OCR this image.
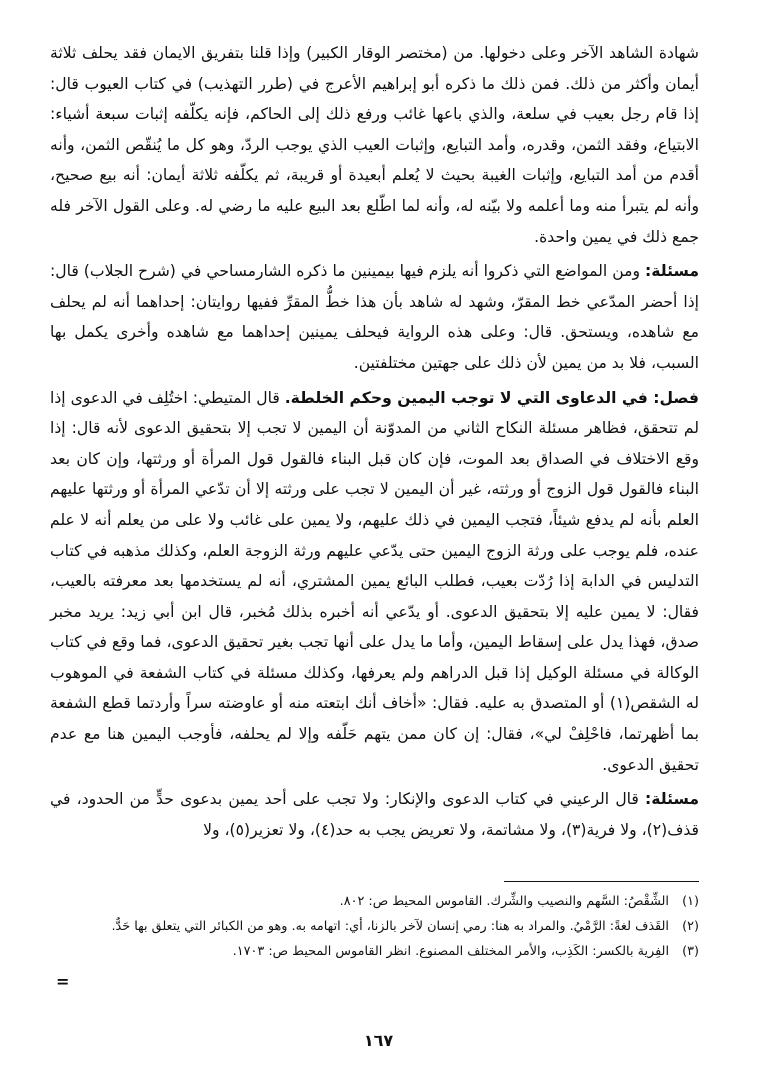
شهادة الشاهد الآخر وعلى دخولها. من (مختصر الوقار الكبير) وإذا قلنا بتفريق الايمان فقد يحلف ثلاثة أيمان وأكثر من ذلك. فمن ذلك ما ذكره أبو إبراهيم الأعرج في (طرر التهذيب) في كتاب العيوب قال: إذا قام رجل بعيب في سلعة، والذي باعها غائب ورفع ذلك إلى الحاكم، فإنه يكلّفه إثبات سبعة أشياء: الابتياع، وفقد الثمن، وقدره، وأمد التبايع، وإثبات العيب الذي يوجب الردّ، وهو كل ما يُنقّص الثمن، وأنه أقدم من أمد التبايع، وإثبات الغيبة بحيث لا يُعلم أبعيدة أو قريبة، ثم يكلّفه ثلاثة أيمان: أنه بيع صحيح، وأنه لم يتبرأ منه وما أعلمه ولا بيّنه له، وأنه لما اطّلع بعد البيع عليه ما رضي له. وعلى القول الآخر فله جمع ذلك في يمين واحدة.

مسئلة: ومن المواضع التي ذكروا أنه يلزم فيها بيمينين ما ذكره الشارمساحي في (شرح الجلاب) قال: إذا أحضر المدّعي خط المقرّ، وشهد له شاهد بأن هذا خطُّ المقرِّ ففيها روايتان: إحداهما أنه لم يحلف مع شاهده، ويستحق. قال: وعلى هذه الرواية فيحلف يمينين إحداهما مع شاهده وأخرى يكمل بها السبب، فلا بد من يمين لأن ذلك على جهتين مختلفتين.

فصل: في الدعاوى التي لا توجب اليمين وحكم الخلطة. قال المتيطي: اختُلِف في الدعوى إذا لم تتحقق، فظاهر مسئلة النكاح الثاني من المدوّنة أن اليمين لا تجب إلا بتحقيق الدعوى لأنه قال: إذا وقع الاختلاف في الصداق بعد الموت، فإن كان قبل البناء فالقول قول المرأة أو ورثتها، وإن كان بعد البناء فالقول قول الزوج أو ورثته، غير أن اليمين لا تجب على ورثته إلا أن تدّعي المرأة أو ورثتها عليهم العلم بأنه لم يدفع شيئاً، فتجب اليمين في ذلك عليهم، ولا يمين على غائب ولا على من يعلم أنه لا علم عنده، فلم يوجب على ورثة الزوج اليمين حتى يدّعي عليهم ورثة الزوجة العلم، وكذلك مذهبه في كتاب التدليس في الدابة إذا رُدّت بعيب، فطلب البائع يمين المشتري، أنه لم يستخدمها بعد معرفته بالعيب، فقال: لا يمين عليه إلا بتحقيق الدعوى. أو يدّعي أنه أخبره بذلك مُخبر، قال ابن أبي زيد: يريد مخبر صدق، فهذا يدل على إسقاط اليمين، وأما ما يدل على أنها تجب بغير تحقيق الدعوى، فما وقع في كتاب الوكالة في مسئلة الوكيل إذا قبل الدراهم ولم يعرفها، وكذلك مسئلة في كتاب الشفعة في الموهوب له الشقص(١) أو المتصدق به عليه. فقال: «أخاف أنك ابتعته منه أو عاوضته سراً وأردتما قطع الشفعة بما أظهرتما، فاحْلِفْ لي»، فقال: إن كان ممن يتهم حَلّفه وإلا لم يحلفه، فأوجب اليمين هنا مع عدم تحقيق الدعوى.

مسئلة: قال الرعيني في كتاب الدعوى والإنكار: ولا تجب على أحد يمين بدعوى حدٍّ من الحدود، في قذف(٢)، ولا فرية(٣)، ولا مشاتمة، ولا تعريض يجب به حد(٤)، ولا تعزير(٥)، ولا

(١)
الشِّقْصُ: السَّهم والنصيب والشِّرك. القاموس المحيط ص: ٨٠٢.
(٢)
القَذف لغةً: الرَّمْيُ. والمراد به هنا: رمي إنسان لآخر بالزنا، أي: اتهامه به. وهو من الكبائر التي يتعلق بها حَدٌّ.
(٣)
الفِرية بالكسر: الكَذِب، والأمر المختلف المصنوع. انظر القاموس المحيط ص: ١٧٠٣.
=
١٦٧
